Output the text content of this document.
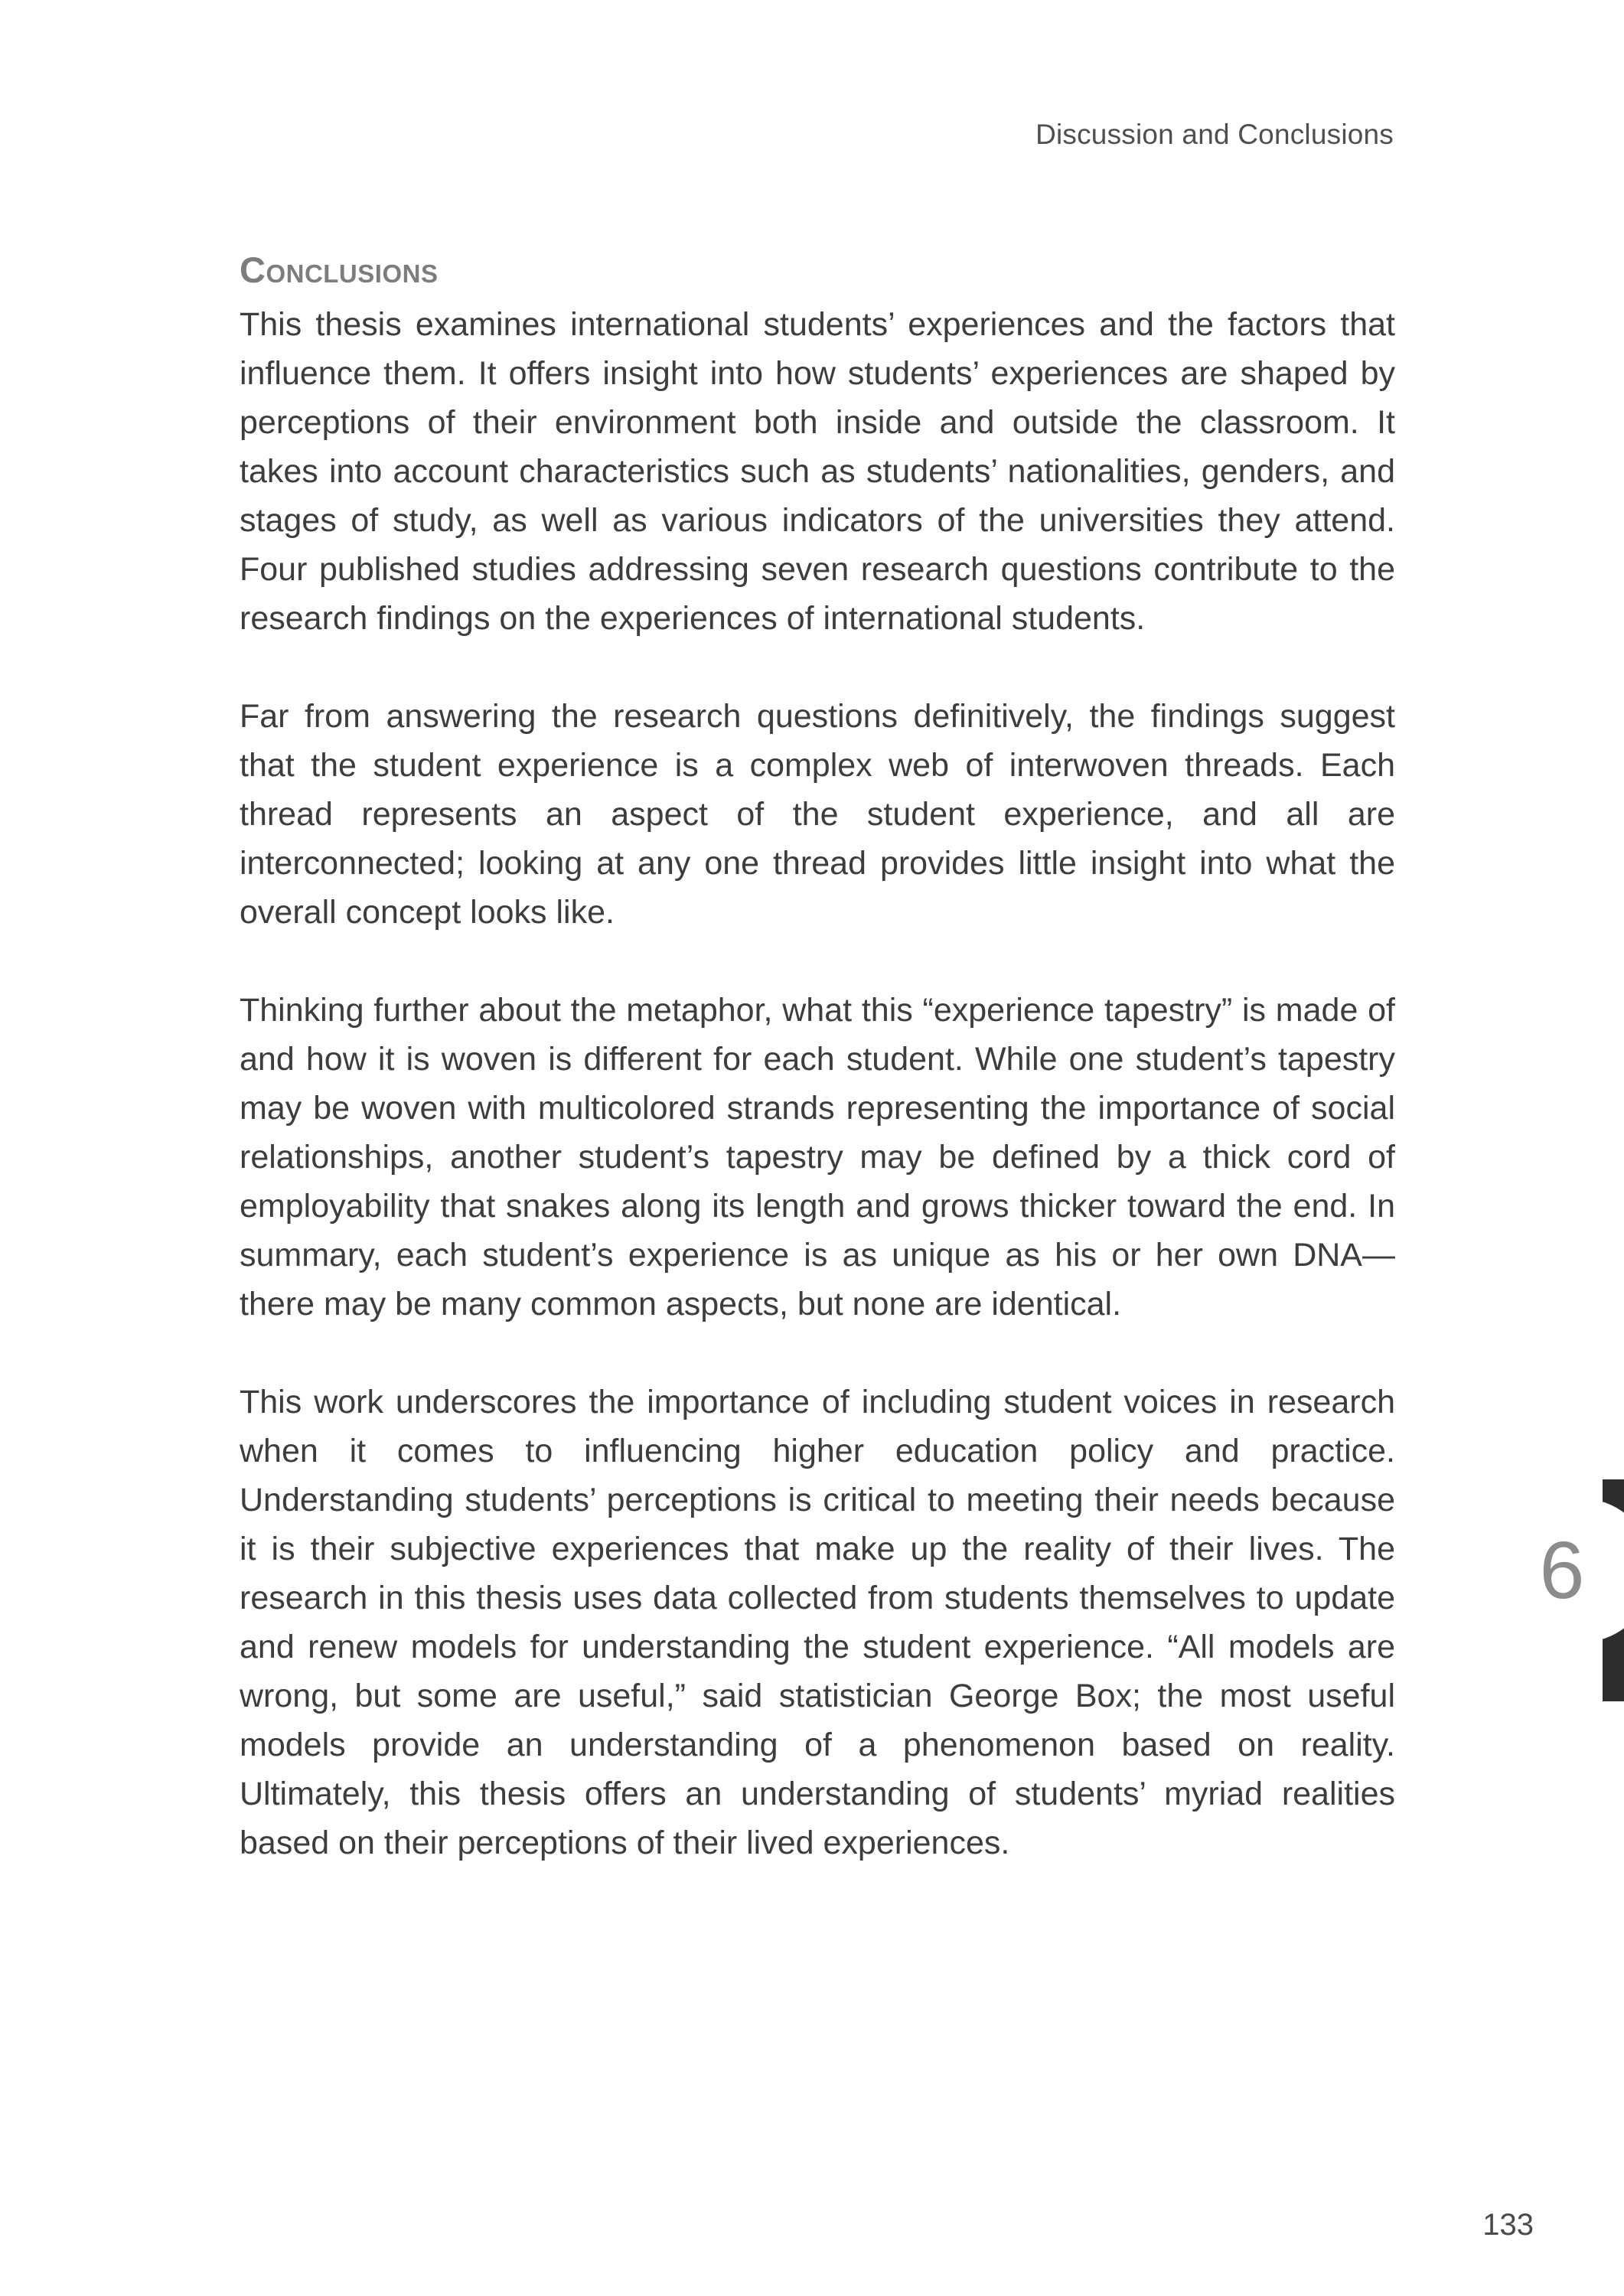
Discussion and Conclusions
Conclusions

This thesis examines international students’ experiences and the factors that influence them. It offers insight into how students’ experiences are shaped by perceptions of their environment both inside and outside the classroom. It takes into account characteristics such as students’ nationalities, genders, and stages of study, as well as various indicators of the universities they attend. Four published studies addressing seven research questions contribute to the research findings on the experiences of international students.

Far from answering the research questions definitively, the findings suggest that the student experience is a complex web of interwoven threads. Each thread represents an aspect of the student experience, and all are interconnected; looking at any one thread provides little insight into what the overall concept looks like.

Thinking further about the metaphor, what this “experience tapestry” is made of and how it is woven is different for each student. While one student’s tapestry may be woven with multicolored strands representing the importance of social relationships, another student’s tapestry may be defined by a thick cord of employability that snakes along its length and grows thicker toward the end. In summary, each student’s experience is as unique as his or her own DNA—there may be many common aspects, but none are identical.

This work underscores the importance of including student voices in research when it comes to influencing higher education policy and practice. Understanding students’ perceptions is critical to meeting their needs because it is their subjective experiences that make up the reality of their lives. The research in this thesis uses data collected from students themselves to update and renew models for understanding the student experience. “All models are wrong, but some are useful,” said statistician George Box; the most useful models provide an understanding of a phenomenon based on reality. Ultimately, this thesis offers an understanding of students’ myriad realities based on their perceptions of their lived experiences.

6
133
